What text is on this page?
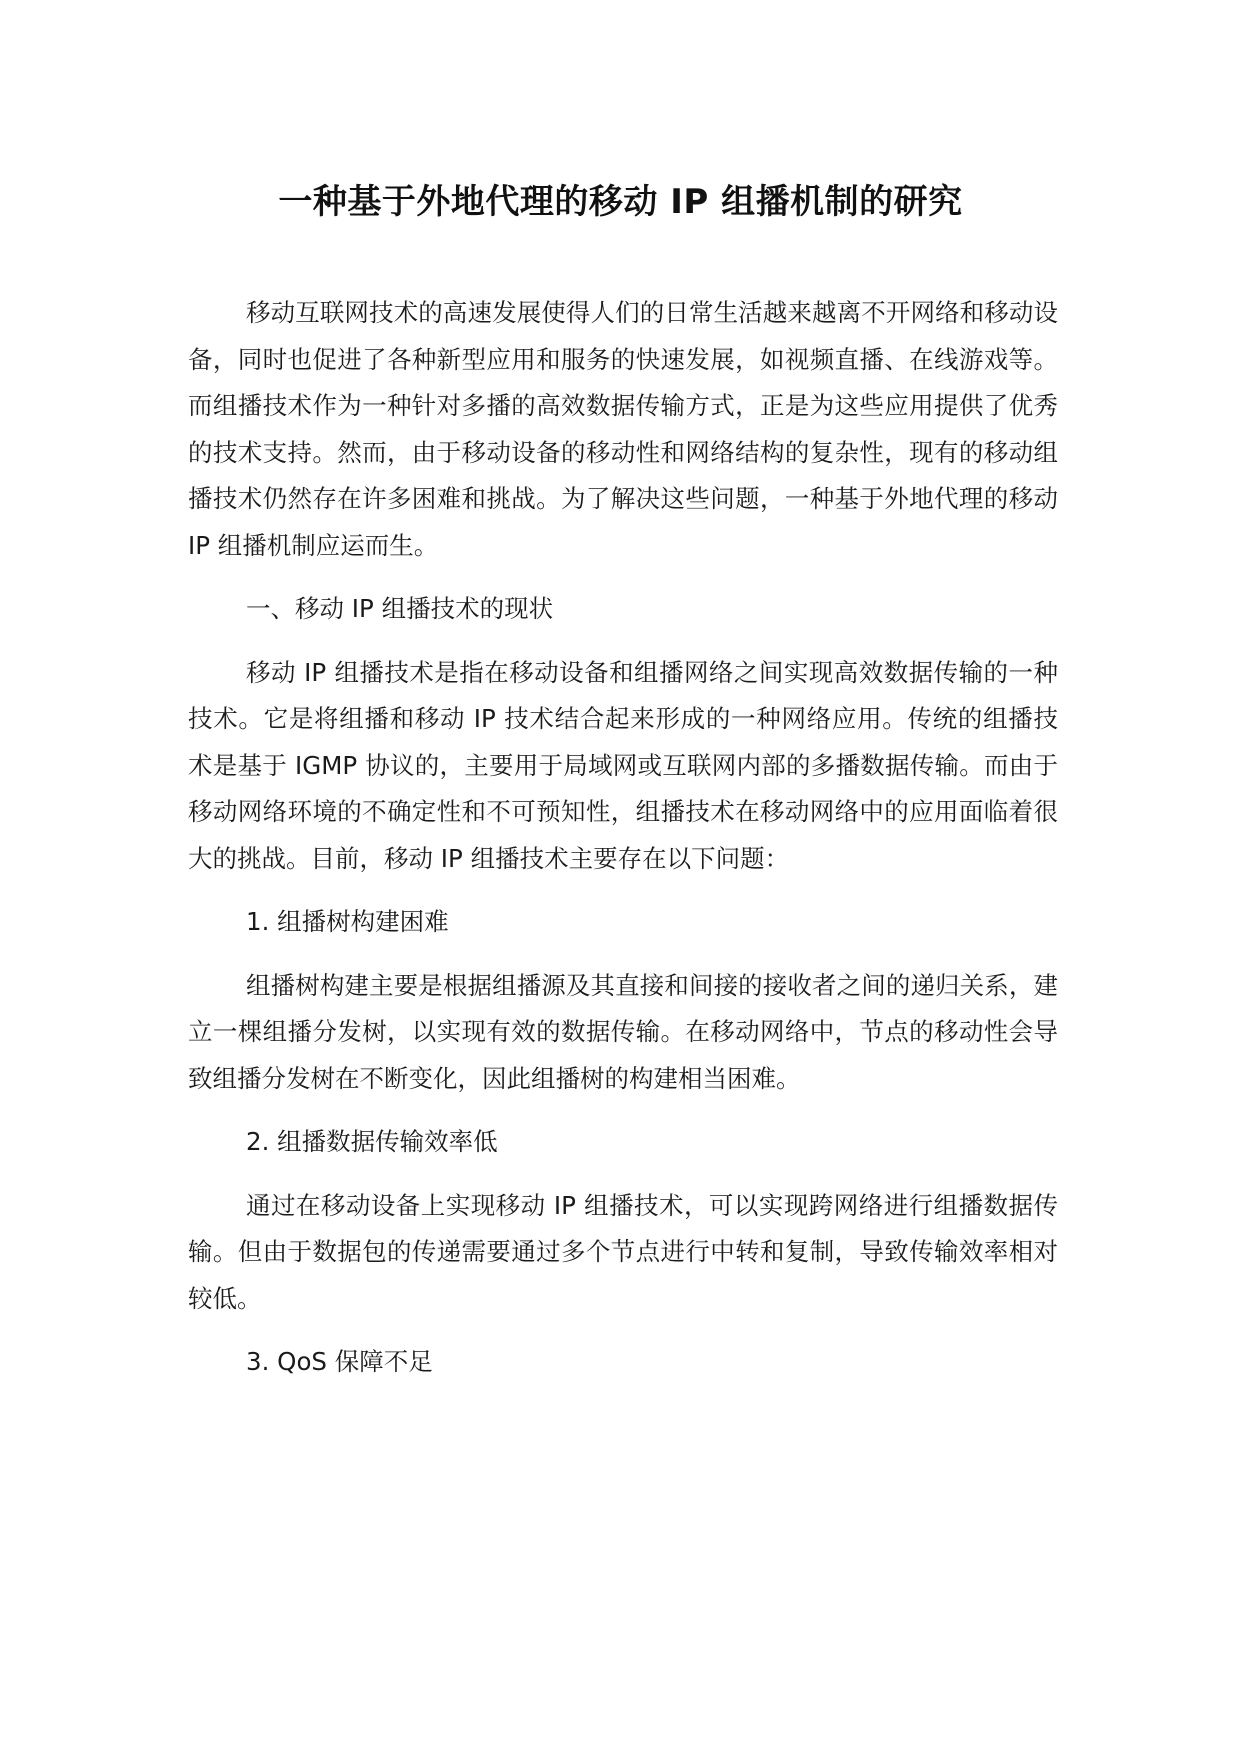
一种基于外地代理的移动 IP 组播机制的研究

移动互联网技术的高速发展使得人们的日常生活越来越离不开网络和移动设备，同时也促进了各种新型应用和服务的快速发展，如视频直播、在线游戏等。而组播技术作为一种针对多播的高效数据传输方式，正是为这些应用提供了优秀的技术支持。然而，由于移动设备的移动性和网络结构的复杂性，现有的移动组播技术仍然存在许多困难和挑战。为了解决这些问题，一种基于外地代理的移动 IP 组播机制应运而生。

一、移动 IP 组播技术的现状

移动 IP 组播技术是指在移动设备和组播网络之间实现高效数据传输的一种技术。它是将组播和移动 IP 技术结合起来形成的一种网络应用。传统的组播技术是基于 IGMP 协议的，主要用于局域网或互联网内部的多播数据传输。而由于移动网络环境的不确定性和不可预知性，组播技术在移动网络中的应用面临着很大的挑战。目前，移动 IP 组播技术主要存在以下问题：

1. 组播树构建困难

组播树构建主要是根据组播源及其直接和间接的接收者之间的递归关系，建立一棵组播分发树，以实现有效的数据传输。在移动网络中，节点的移动性会导致组播分发树在不断变化，因此组播树的构建相当困难。

2. 组播数据传输效率低

通过在移动设备上实现移动 IP 组播技术，可以实现跨网络进行组播数据传输。但由于数据包的传递需要通过多个节点进行中转和复制，导致传输效率相对较低。

3. QoS 保障不足
